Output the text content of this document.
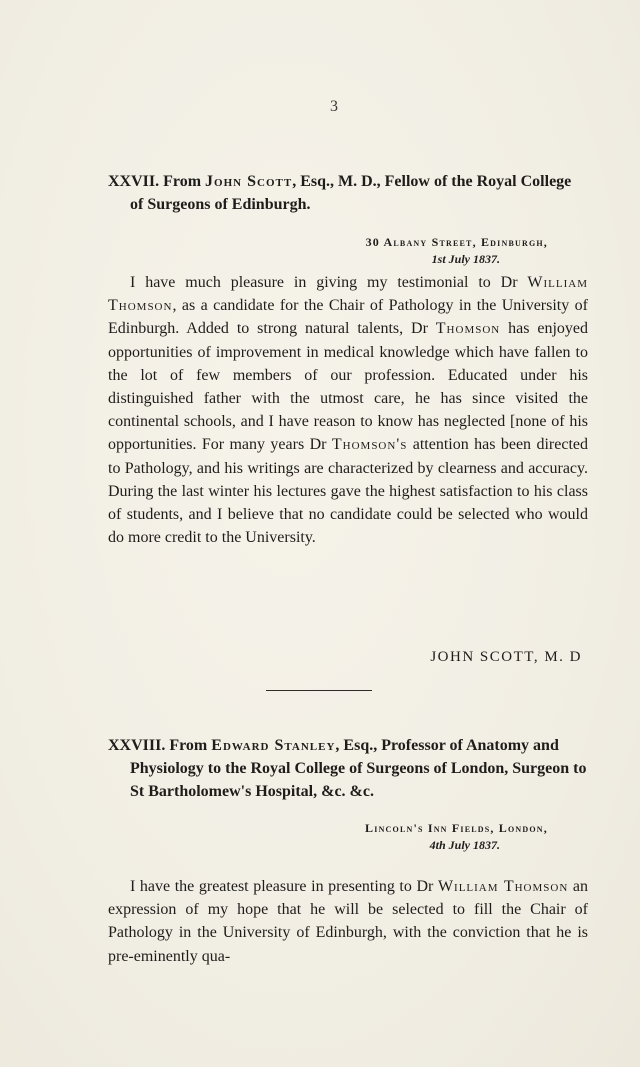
3

XXVII. From John Scott, Esq., M. D., Fellow of the Royal College of Surgeons of Edinburgh.

30 Albany Street, Edinburgh,

1st July 1837.

I have much pleasure in giving my testimonial to Dr William Thomson, as a candidate for the Chair of Pathology in the University of Edinburgh. Added to strong natural talents, Dr Thomson has enjoyed opportunities of improvement in medical knowledge which have fallen to the lot of few members of our profession. Educated under his distinguished father with the utmost care, he has since visited the continental schools, and I have reason to know has neglected [none of his opportunities. For many years Dr Thomson's attention has been directed to Pathology, and his writings are characterized by clearness and accuracy. During the last winter his lectures gave the highest satisfaction to his class of students, and I believe that no candidate could be selected who would do more credit to the University.

JOHN SCOTT, M. D

XXVIII. From Edward Stanley, Esq., Professor of Anatomy and Physiology to the Royal College of Surgeons of London, Surgeon to St Bartholomew's Hospital, &c. &c.

Lincoln's Inn Fields, London,

4th July 1837.

I have the greatest pleasure in presenting to Dr William Thomson an expression of my hope that he will be selected to fill the Chair of Pathology in the University of Edinburgh, with the conviction that he is pre-eminently qua-
